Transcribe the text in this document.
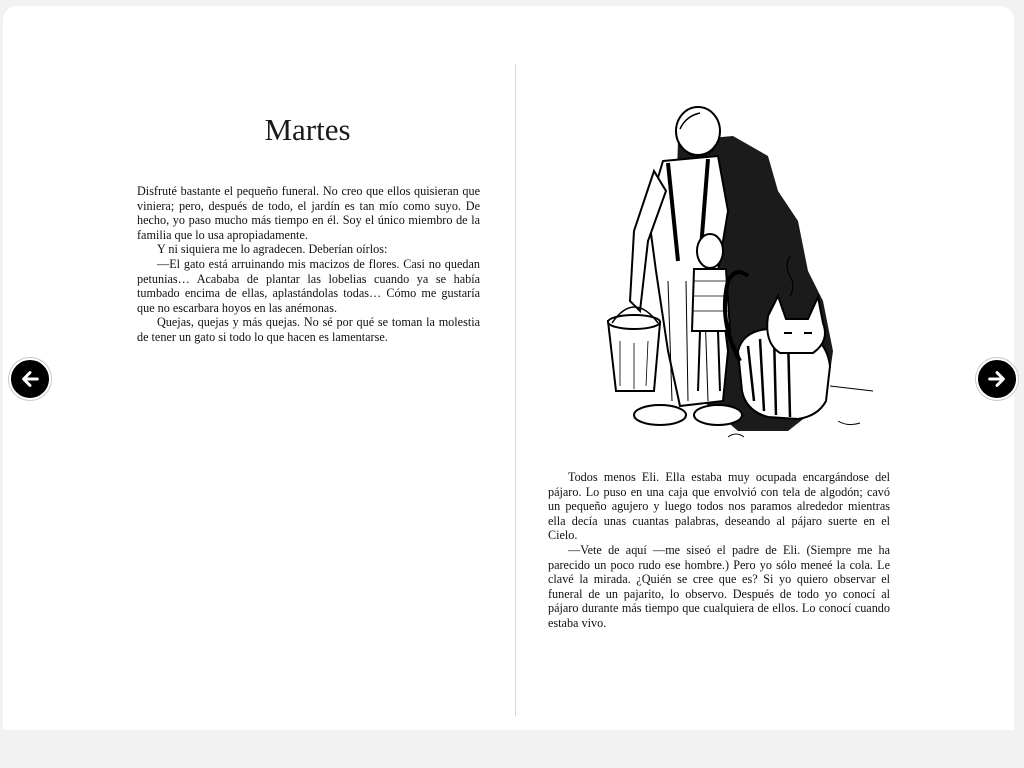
Martes

Disfruté bastante el pequeño funeral. No creo que ellos quisieran que viniera; pero, después de todo, el jardín es tan mío como suyo. De hecho, yo paso mucho más tiempo en él. Soy el único miembro de la familia que lo usa apropiadamente.

Y ni siquiera me lo agradecen. Deberían oírlos:

—El gato está arruinando mis macizos de flores. Casi no quedan petunias… Acababa de plantar las lobelias cuando ya se había tumbado encima de ellas, aplastándolas todas… Cómo me gustaría que no escarbara hoyos en las anémonas.

Quejas, quejas y más quejas. No sé por qué se toman la molestia de tener un gato si todo lo que hacen es lamentarse.

Todos menos Eli. Ella estaba muy ocupada encargándose del pájaro. Lo puso en una caja que envolvió con tela de algodón; cavó un pequeño agujero y luego todos nos paramos alrededor mientras ella decía unas cuantas palabras, deseando al pájaro suerte en el Cielo.

—Vete de aquí —me siseó el padre de Eli. (Siempre me ha parecido un poco rudo ese hombre.) Pero yo sólo meneé la cola. Le clavé la mirada. ¿Quién se cree que es? Si yo quiero observar el funeral de un pajarito, lo observo. Después de todo yo conocí al pájaro durante más tiempo que cualquiera de ellos. Lo conocí cuando estaba vivo.
